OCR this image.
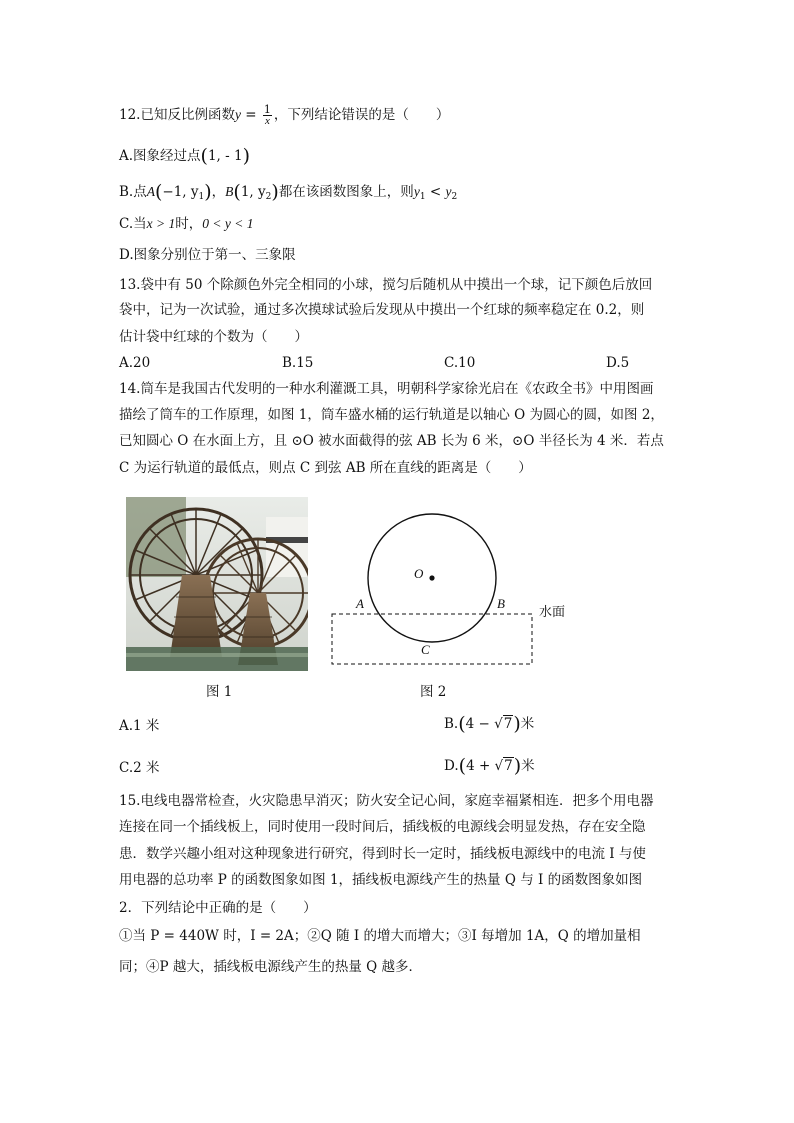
12.已知反比例函数$y = \frac{1}{x}$ ，下列结论错误的是（　　）
A.图象经过点(1, - 1)
B.点A(−1, $y_1$)，B(1, $y_2$)都在该函数图象上，则$y_1 < y_2$
C.当x > 1时，0 < y < 1
D.图象分别位于第一、三象限
13.袋中有 50 个除颜色外完全相同的小球，搅匀后随机从中摸出一个球，记下颜色后放回
袋中，记为一次试验，通过多次摸球试验后发现从中摸出一个红球的频率稳定在 0.2，则
估计袋中红球的个数为（　　）
A.20	B.15	C.10	D.5
14.筒车是我国古代发明的一种水利灌溉工具，明朝科学家徐光启在《农政全书》中用图画
描绘了筒车的工作原理，如图 1，筒车盛水桶的运行轨道是以轴心 O 为圆心的圆，如图 2，
已知圆心 O 在水面上方，且 ⊙O 被水面截得的弦 AB 长为 6 米，⊙O 半径长为 4 米．若点
C 为运行轨道的最低点，则点 C 到弦 AB 所在直线的距离是（　　）
O
A	B
C
水面
图 1	图 2
A.1 米	B.(4 − √7)米
C.2 米	D.(4 + √7)米
15.电线电器常检查，火灾隐患早消灭；防火安全记心间，家庭幸福紧相连．把多个用电器
连接在同一个插线板上，同时使用一段时间后，插线板的电源线会明显发热，存在安全隐
患．数学兴趣小组对这种现象进行研究，得到时长一定时，插线板电源线中的电流 I 与使
用电器的总功率 P 的函数图象如图 1，插线板电源线产生的热量 Q 与 I 的函数图象如图
2．下列结论中正确的是（　　）
①当 P = 440W 时，I = 2A；②Q 随 I 的增大而增大；③I 每增加 1A，Q 的增加量相
同；④P 越大，插线板电源线产生的热量 Q 越多．
